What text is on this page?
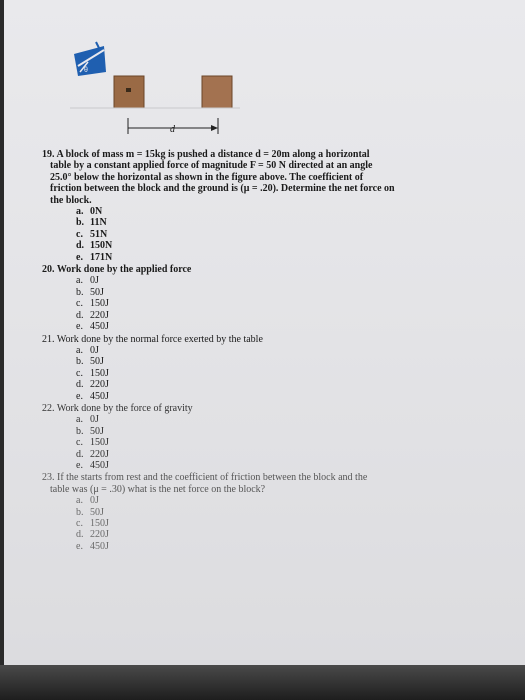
θ
d
19. A block of mass m = 15kg is pushed a distance d = 20m along a horizontal
table by a constant applied force of magnitude F = 50 N directed at an angle
25.0° below the horizontal as shown in the figure above. The coefficient of
friction between the block and the ground is (μ = .20). Determine the net force on
the block.
a. 0N
b. 11N
c. 51N
d. 150N
e. 171N
20. Work done by the applied force
a. 0J
b. 50J
c. 150J
d. 220J
e. 450J
21. Work done by the normal force exerted by the table
a. 0J
b. 50J
c. 150J
d. 220J
e. 450J
22. Work done by the force of gravity
a. 0J
b. 50J
c. 150J
d. 220J
e. 450J
23. If the starts from rest and the coefficient of friction between the block and the
table was (μ = .30) what is the net force on the block?
a. 0J
b. 50J
c. 150J
d. 220J
e. 450J
